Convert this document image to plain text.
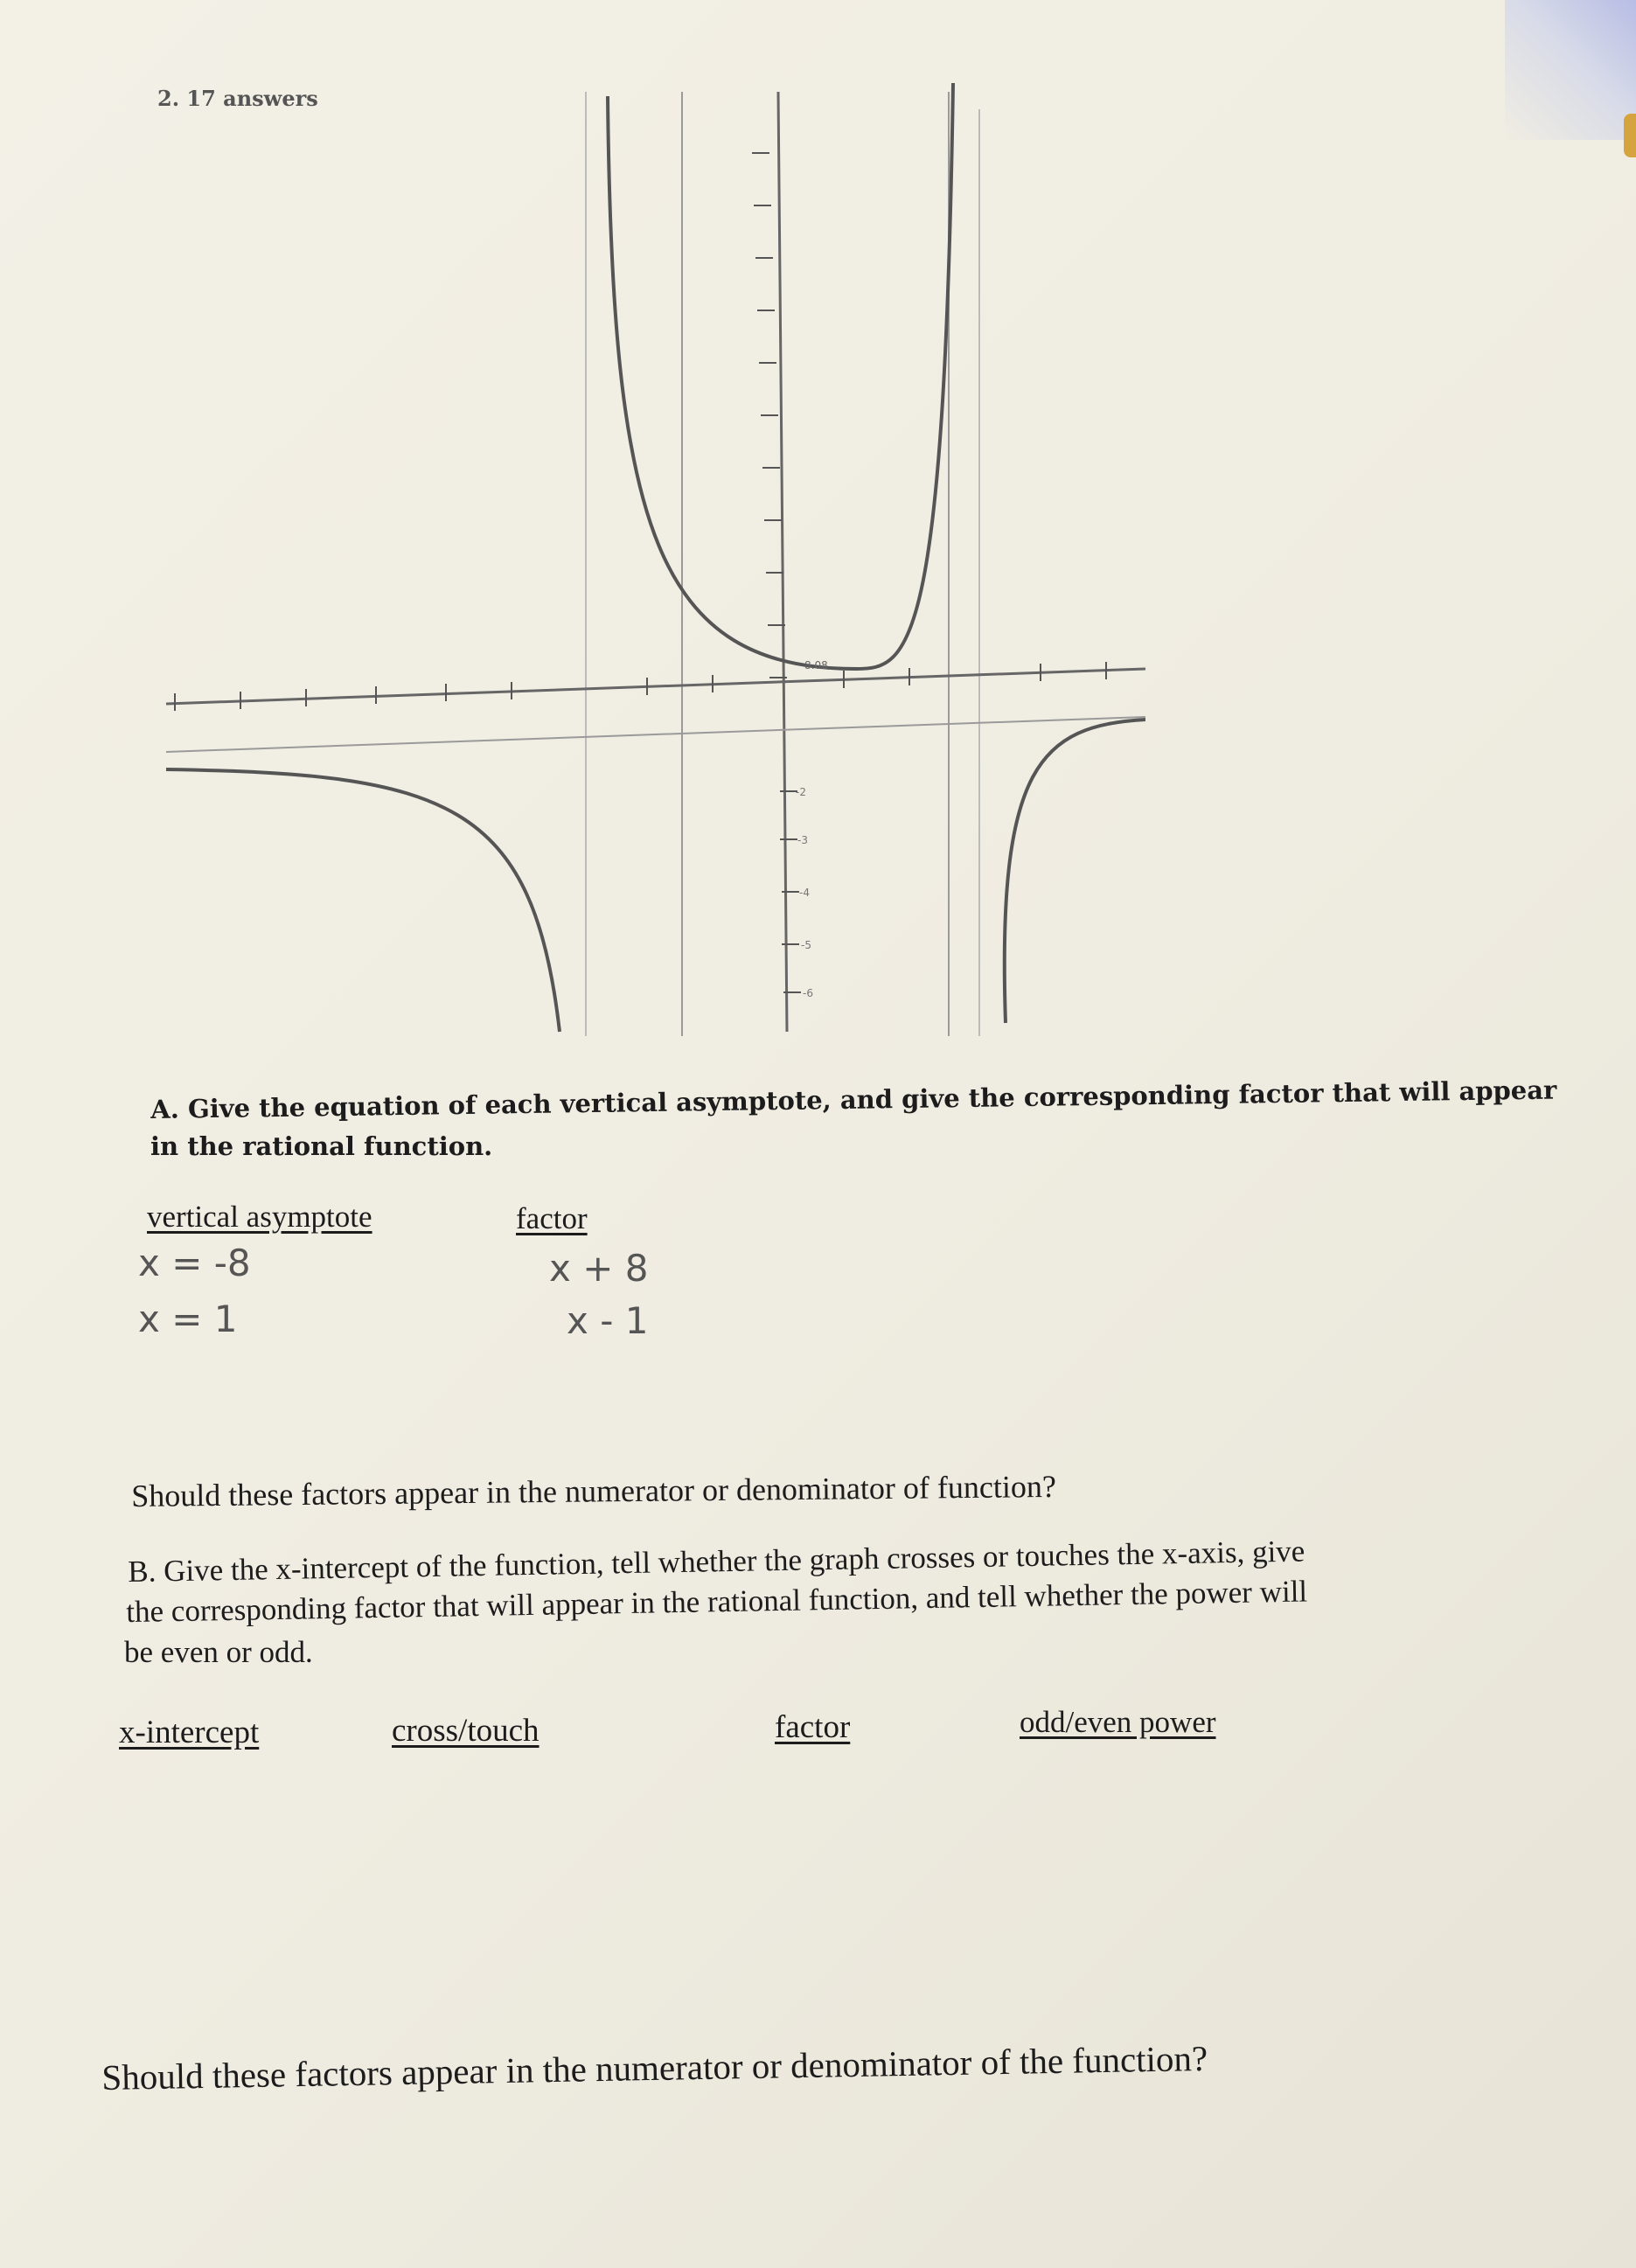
2. 17 answers
8.08
-2
-3
-4
-5
-6
A. Give the equation of each vertical asymptote, and give the corresponding factor that will appear
in the rational function.
vertical asymptote	factor
x = -8	x + 8
x = 1	x - 1
Should these factors appear in the numerator or denominator of function?
B. Give the x-intercept of the function, tell whether the graph crosses or touches the x-axis, give
the corresponding factor that will appear in the rational function, and tell whether the power will
be even or odd.
x-intercept	cross/touch	factor	odd/even power
Should these factors appear in the numerator or denominator of the function?
